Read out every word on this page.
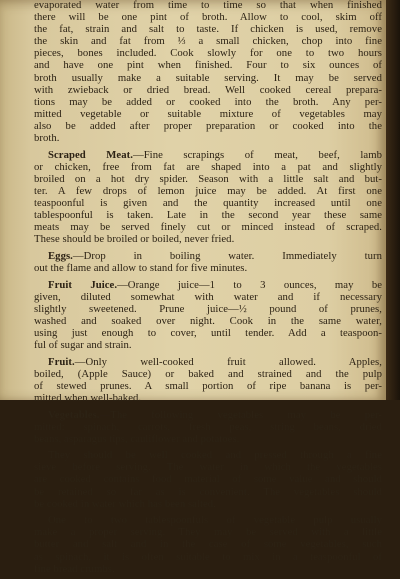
evaporated water from time to time so that when finished
there will be one pint of broth. Allow to cool, skim off
the fat, strain and salt to taste. If chicken is used, remove
the skin and fat from ⅓ a small chicken, chop into fine
pieces, bones included. Cook slowly for one to two hours
and have one pint when finished. Four to six ounces of
broth usually make a suitable serving. It may be served
with zwieback or dried bread. Well cooked cereal prepara-
tions may be added or cooked into the broth. Any per-
mitted vegetable or suitable mixture of vegetables may
also be added after proper preparation or cooked into the
broth.
Scraped Meat.—Fine scrapings of meat, beef, lamb
or chicken, free from fat are shaped into a pat and slightly
broiled on a hot dry spider. Season with a little salt and but-
ter. A few drops of lemon juice may be added. At first one
teaspoonful is given and the quantity increased until one
tablespoonful is taken. Late in the second year these same
meats may be served finely cut or minced instead of scraped.
These should be broiled or boiled, never fried.
Eggs.—Drop in boiling water. Immediately turn
out the flame and allow to stand for five minutes.
Fruit Juice.—Orange juice—1 to 3 ounces, may be
given, diluted somewhat with water and if necessary
slightly sweetened. Prune juice—½ pound of prunes,
washed and soaked over night. Cook in the same water,
using just enough to cover, until tender. Add a teaspoon-
ful of sugar and strain.
Fruit.—Only well-cooked fruit allowed. Apples,
boiled, (Apple Sauce) or baked and strained and the pulp
of stewed prunes. A small portion of ripe banana is per-
mitted when well-baked.
Vegetables.—The following vegetables may be per-
mitted: spinach, carrots, fresh peas, string beans, dried
beans, asparagus tips, cauliflower and potatoes.
They should be well cooked and pressed through a fine
sieve before serving. The water in which the vegetables
are cooked contains food material of some value and should
be retained so far as is convenient. The vegetables should
be cooked in water which has been salted.
One to two tablespoonfuls of vegetable pulp usually
make a proper serving. They may be served with a little
butter and salt and in the case of some vegetables, such
as spinach, it is often suitable to mix in a teaspoonful of
fine bread crumbs.
